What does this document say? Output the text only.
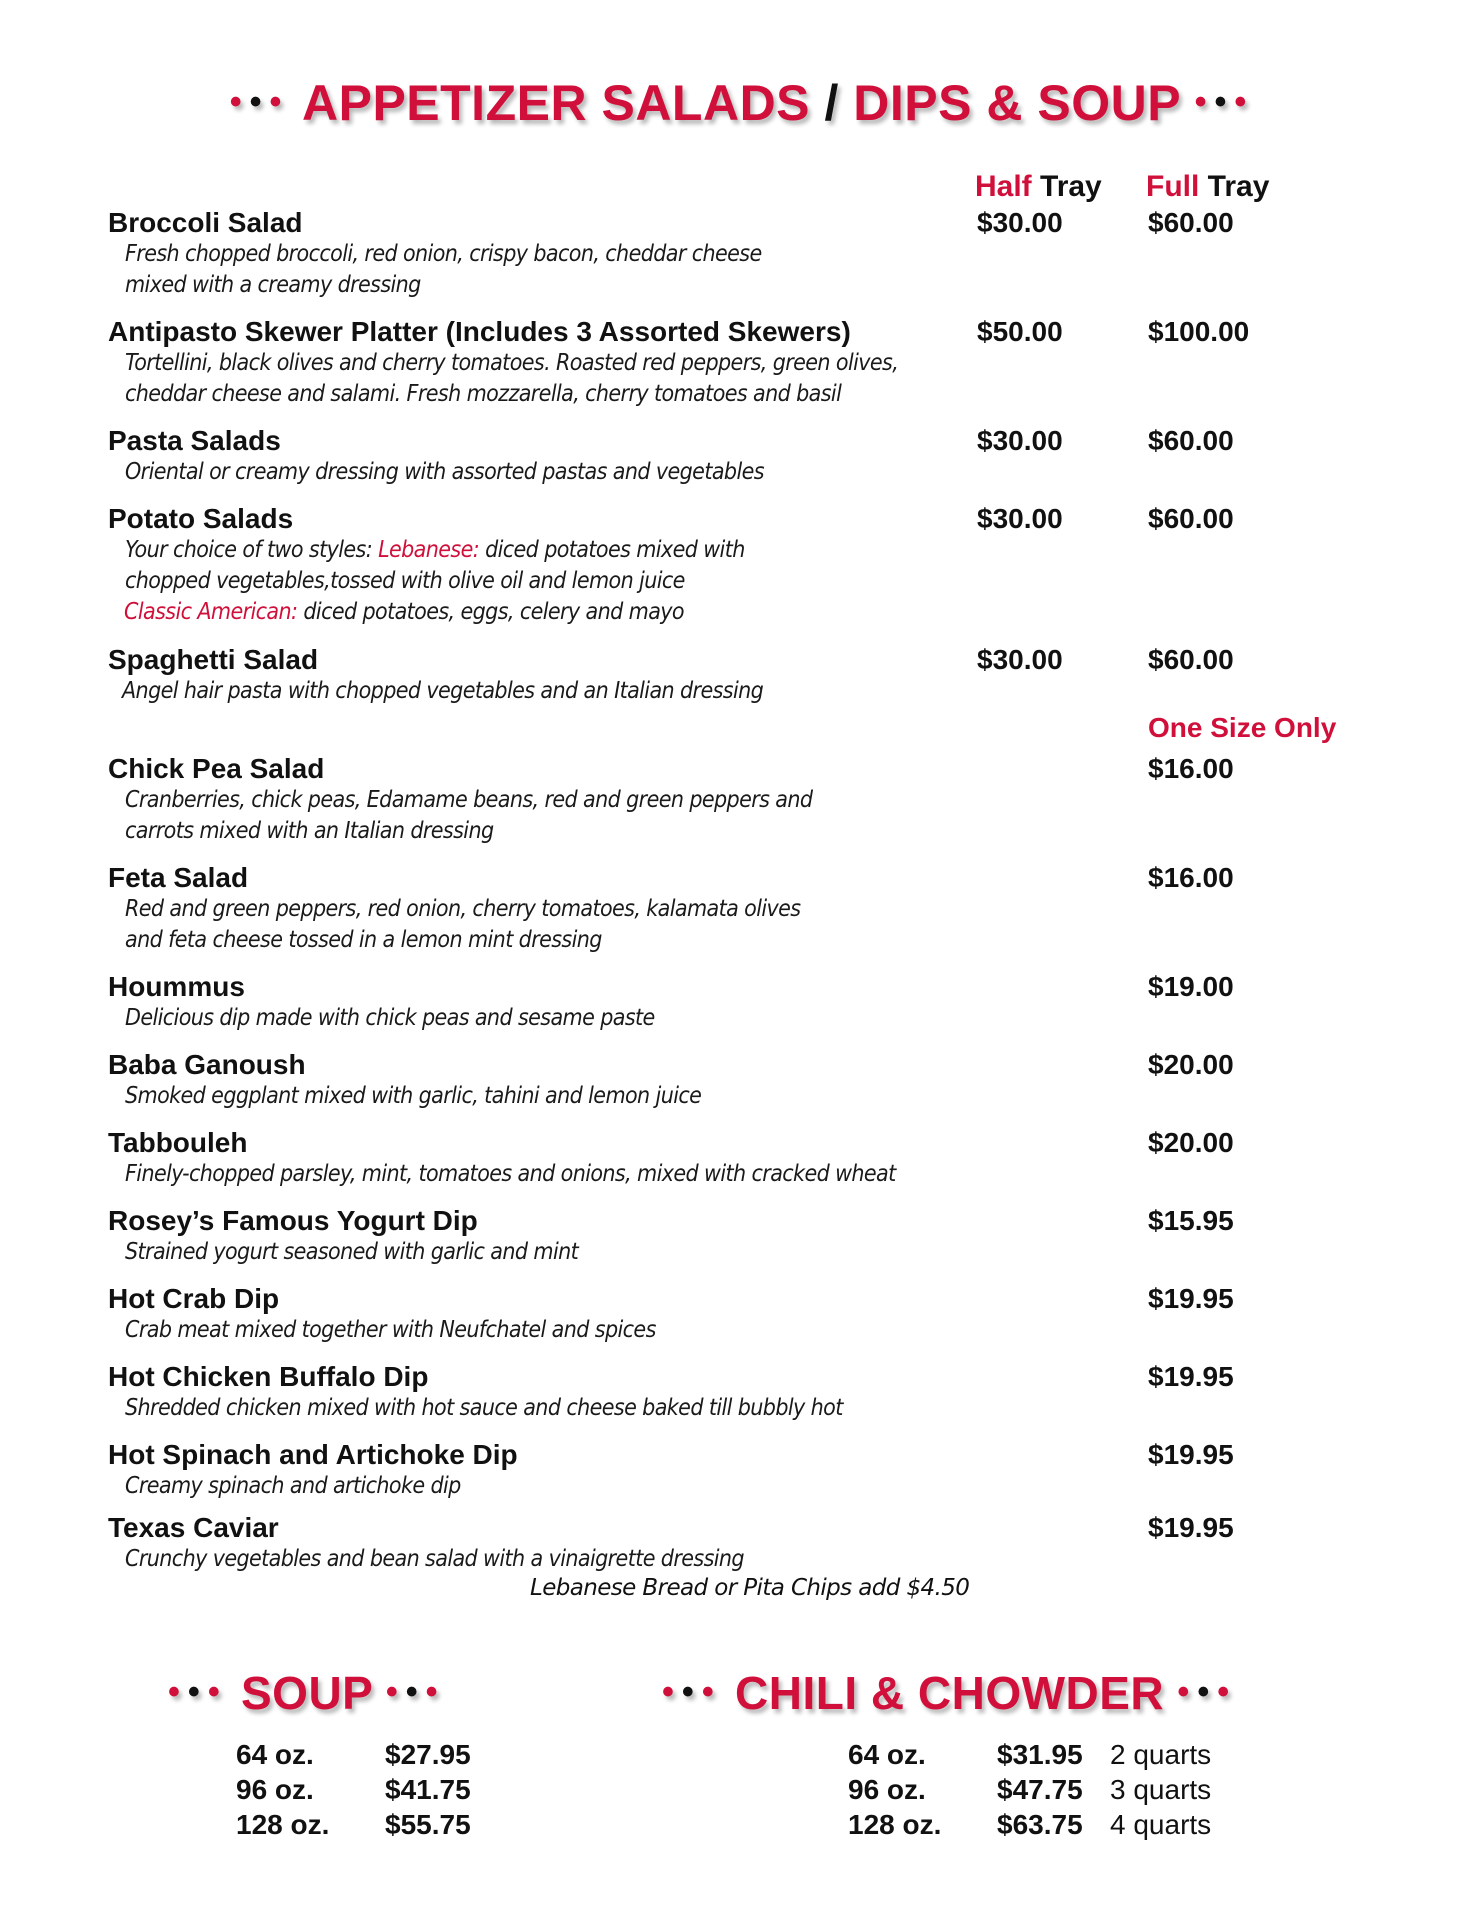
••• APPETIZER SALADS / DIPS & SOUP •••
Half Tray Full Tray
Broccoli Salad
Fresh chopped broccoli, red onion, crispy bacon, cheddar cheese
mixed with a creamy dressing
$30.00	$60.00
Antipasto Skewer Platter (Includes 3 Assorted Skewers)
Tortellini, black olives and cherry tomatoes. Roasted red peppers, green olives,
cheddar cheese and salami. Fresh mozzarella, cherry tomatoes and basil
$50.00	$100.00
Pasta Salads
Oriental or creamy dressing with assorted pastas and vegetables
$30.00	$60.00
Potato Salads
Your choice of two styles: Lebanese: diced potatoes mixed with
chopped vegetables,tossed with olive oil and lemon juice
Classic American: diced potatoes, eggs, celery and mayo
$30.00	$60.00
Spaghetti Salad
Angel hair pasta with chopped vegetables and an Italian dressing
$30.00	$60.00
One Size Only
Chick Pea Salad
Cranberries, chick peas, Edamame beans, red and green peppers and
carrots mixed with an Italian dressing
$16.00
Feta Salad
Red and green peppers, red onion, cherry tomatoes, kalamata olives
and feta cheese tossed in a lemon mint dressing
$16.00
Hoummus
Delicious dip made with chick peas and sesame paste
$19.00
Baba Ganoush
Smoked eggplant mixed with garlic, tahini and lemon juice
$20.00
Tabbouleh
Finely-chopped parsley, mint, tomatoes and onions, mixed with cracked wheat
$20.00
Rosey’s Famous Yogurt Dip
Strained yogurt seasoned with garlic and mint
$15.95
Hot Crab Dip
Crab meat mixed together with Neufchatel and spices
$19.95
Hot Chicken Buffalo Dip
Shredded chicken mixed with hot sauce and cheese baked till bubbly hot
$19.95
Hot Spinach and Artichoke Dip
Creamy spinach and artichoke dip
$19.95
Texas Caviar
Crunchy vegetables and bean salad with a vinaigrette dressing
$19.95
Lebanese Bread or Pita Chips add $4.50
••• SOUP •••
64 oz.	$27.95
96 oz.	$41.75
128 oz. $55.75
••• CHILI & CHOWDER •••
64 oz.	$31.95 2 quarts
96 oz.	$47.75 3 quarts
128 oz. $63.75 4 quarts
